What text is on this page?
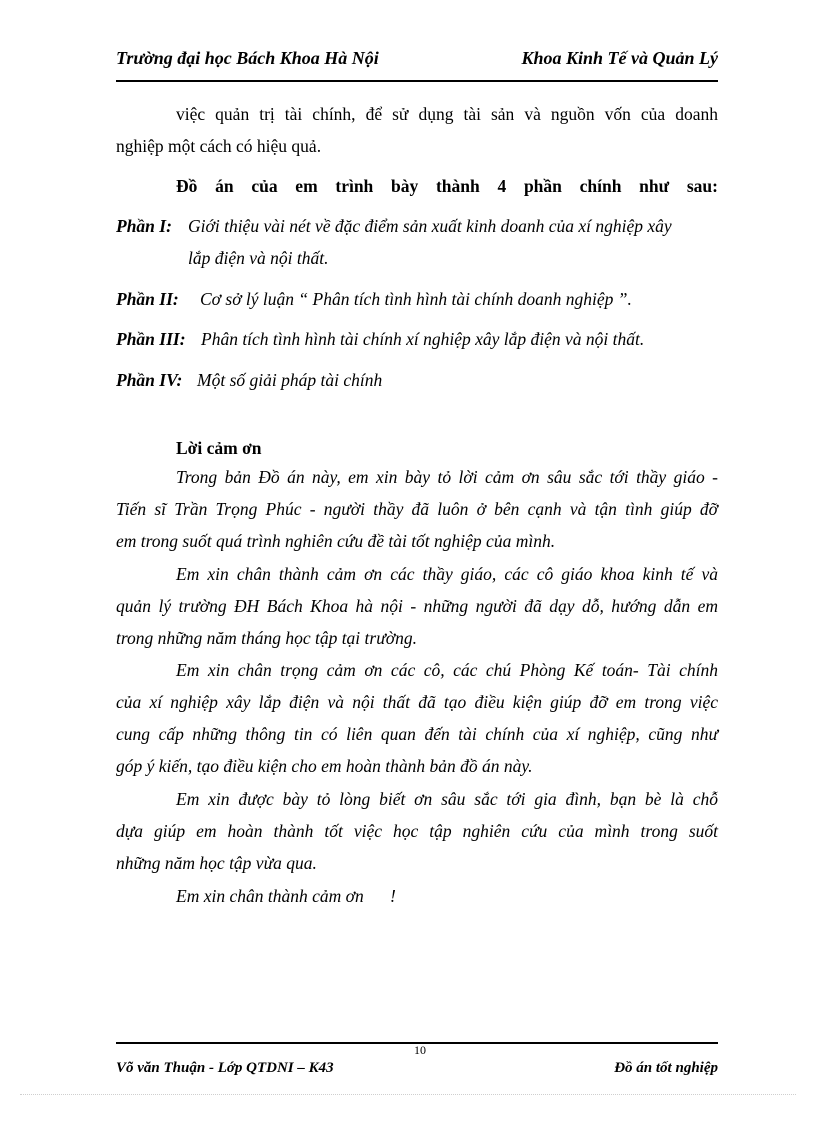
Trường đại học Bách Khoa Hà Nội	Khoa Kinh Tế và Quản Lý
việc quản trị tài chính, để sử dụng tài sản và nguồn vốn của doanh
nghiệp một cách có hiệu quả.
Đồ án của em trình bày thành 4 phần chính như sau:
Phần I: Giới thiệu vài nét về đặc điểm sản xuất kinh doanh của xí nghiệp xây
lắp điện và nội thất.
Phần II: Cơ sở lý luận “ Phân tích tình hình tài chính doanh nghiệp ”.
Phần III: Phân tích tình hình tài chính xí nghiệp xây lắp điện và nội thất.
Phần IV: Một số giải pháp tài chính
Lời cảm ơn
Trong bản Đồ án này, em xin bày tỏ lời cảm ơn sâu sắc tới thầy giáo -
Tiến sĩ Trần Trọng Phúc - người thầy đã luôn ở bên cạnh và tận tình giúp đỡ
em trong suốt quá trình nghiên cứu đề tài tốt nghiệp của mình.
Em xin chân thành cảm ơn các thầy giáo, các cô giáo khoa kinh tế và
quản lý trường ĐH Bách Khoa hà nội - những người đã dạy dỗ, hướng dẫn em
trong những năm tháng học tập tại trường.
Em xin chân trọng cảm ơn các cô, các chú Phòng Kế toán- Tài chính
của xí nghiệp xây lắp điện và nội thất đã tạo điều kiện giúp đỡ em trong việc
cung cấp những thông tin có liên quan đến tài chính của xí nghiệp, cũng như
góp ý kiến, tạo điều kiện cho em hoàn thành bản đồ án này.
Em xin được bày tỏ lòng biết ơn sâu sắc tới gia đình, bạn bè là chỗ
dựa giúp em hoàn thành tốt việc học tập nghiên cứu của mình trong suốt
những năm học tập vừa qua.
Em xin chân thành cảm ơn      !
10
Võ văn Thuận - Lớp QTDNI – K43	Đồ án tốt nghiệp
